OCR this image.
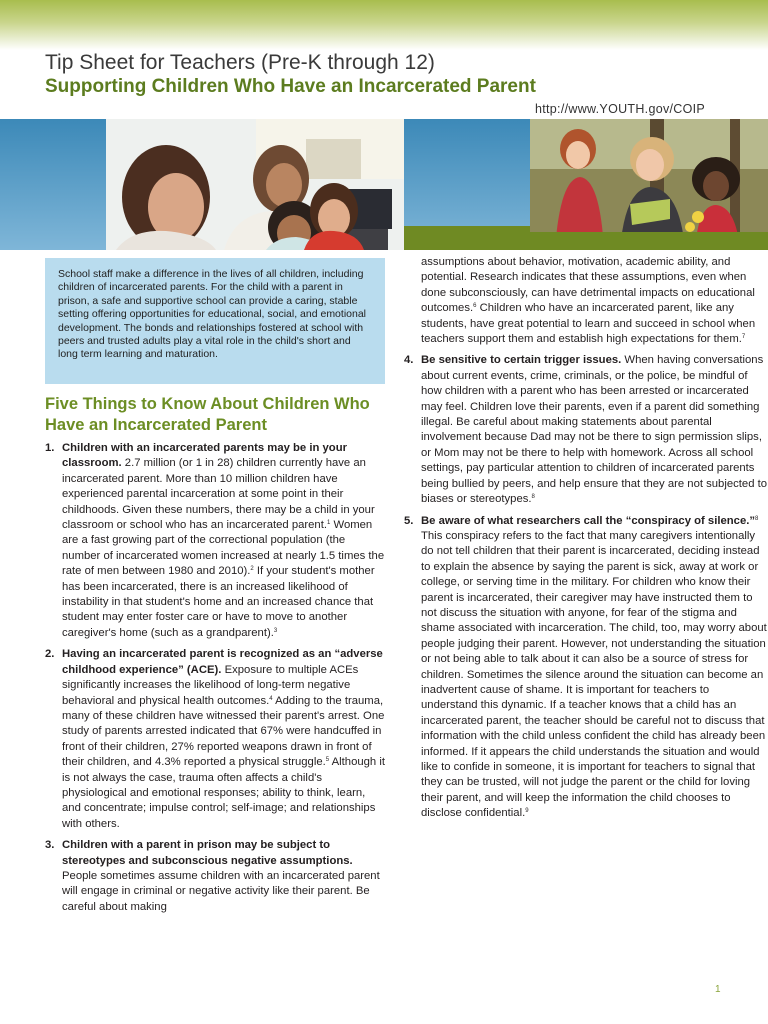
Tip Sheet for Teachers (Pre-K through 12)
Supporting Children Who Have an Incarcerated Parent
http://www.YOUTH.gov/COIP

School staff make a difference in the lives of all children, including children of incarcerated parents. For the child with a parent in prison, a safe and supportive school can provide a caring, stable setting offering opportunities for educational, social, and emotional development. The bonds and relationships fostered at school with peers and trusted adults play a vital role in the child's short and long term learning and maturation.

Five Things to Know About Children Who Have an Incarcerated Parent
1. Children with an incarcerated parents may be in your classroom. 2.7 million (or 1 in 28) children currently have an incarcerated parent. More than 10 million children have experienced parental incarceration at some point in their childhoods. Given these numbers, there may be a child in your classroom or school who has an incarcerated parent.$^1$ Women are a fast growing part of the correctional population (the number of incarcerated women increased at nearly 1.5 times the rate of men between 1980 and 2010).$^2$ If your student's mother has been incarcerated, there is an increased likelihood of instability in that student's home and an increased chance that student may enter foster care or have to move to another caregiver's home (such as a grandparent).$^3$
2. Having an incarcerated parent is recognized as an “adverse childhood experience” (ACE). Exposure to multiple ACEs significantly increases the likelihood of long-term negative behavioral and physical health outcomes.$^4$ Adding to the trauma, many of these children have witnessed their parent's arrest. One study of parents arrested indicated that 67% were handcuffed in front of their children, 27% reported weapons drawn in front of their children, and 4.3% reported a physical struggle.$^5$ Although it is not always the case, trauma often affects a child's physiological and emotional responses; ability to think, learn, and concentrate; impulse control; self-image; and relationships with others.
3. Children with a parent in prison may be subject to stereotypes and subconscious negative assumptions. People sometimes assume children with an incarcerated parent will engage in criminal or negative activity like their parent. Be careful about making
assumptions about behavior, motivation, academic ability, and potential. Research indicates that these assumptions, even when done subconsciously, can have detrimental impacts on educational outcomes.$^6$ Children who have an incarcerated parent, like any students, have great potential to learn and succeed in school when teachers support them and establish high expectations for them.$^7$
4. Be sensitive to certain trigger issues. When having conversations about current events, crime, criminals, or the police, be mindful of how children with a parent who has been arrested or incarcerated may feel. Children love their parents, even if a parent did something illegal. Be careful about making statements about parental involvement because Dad may not be there to sign permission slips, or Mom may not be there to help with homework. Across all school settings, pay particular attention to children of incarcerated parents being bullied by peers, and help ensure that they are not subjected to biases or stereotypes.$^8$
5. Be aware of what researchers call the “conspiracy of silence.”$^8$ This conspiracy refers to the fact that many caregivers intentionally do not tell children that their parent is incarcerated, deciding instead to explain the absence by saying the parent is sick, away at work or college, or serving time in the military. For children who know their parent is incarcerated, their caregiver may have instructed them to not discuss the situation with anyone, for fear of the stigma and shame associated with incarceration. The child, too, may worry about people judging their parent. However, not understanding the situation or not being able to talk about it can also be a source of stress for children. Sometimes the silence around the situation can become an inadvertent cause of shame. It is important for teachers to understand this dynamic. If a teacher knows that a child has an incarcerated parent, the teacher should be careful not to discuss that information with the child unless confident the child has already been informed. If it appears the child understands the situation and would like to confide in someone, it is important for teachers to signal that they can be trusted, will not judge the parent or the child for loving their parent, and will keep the information the child chooses to disclose confidential.$^9$
1
